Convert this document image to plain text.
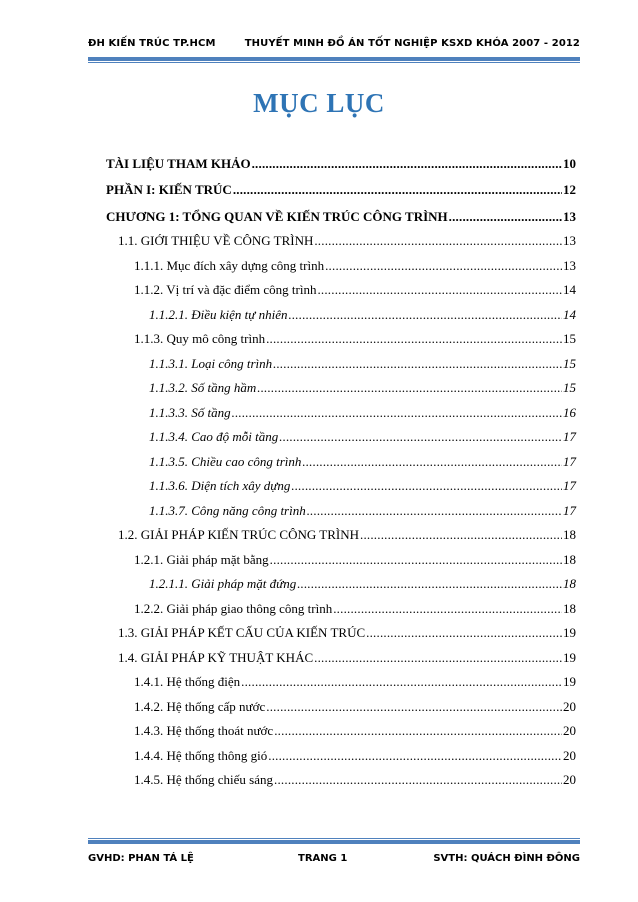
ĐH KIẾN TRÚC TP.HCM	THUYẾT MINH ĐỒ ÁN TỐT NGHIỆP KSXD KHÓA 2007 - 2012
MỤC LỤC
TÀI LIỆU THAM KHẢO .....	10
PHẦN I: KIẾN TRÚC .....	12
CHƯƠNG 1: TỔNG QUAN VỀ KIẾN TRÚC CÔNG TRÌNH .....	13
1.1. GIỚI THIỆU VỀ CÔNG TRÌNH .....	13
1.1.1. Mục đích xây dựng công trình .....	13
1.1.2. Vị trí và đặc điểm công trình .....	14
1.1.2.1. Điều kiện tự nhiên .....	14
1.1.3. Quy mô công trình .....	15
1.1.3.1. Loại công trình .....	15
1.1.3.2. Số tầng hầm .....	15
1.1.3.3. Số tầng .....	16
1.1.3.4. Cao độ mỗi tầng .....	17
1.1.3.5. Chiều cao công trình .....	17
1.1.3.6. Diện tích xây dựng .....	17
1.1.3.7. Công năng công trình .....	17
1.2. GIẢI PHÁP KIẾN TRÚC CÔNG TRÌNH .....	18
1.2.1. Giải pháp mặt bằng .....	18
1.2.1.1. Giải pháp mặt đứng .....	18
1.2.2. Giải pháp giao thông công trình .....	18
1.3. GIẢI PHÁP KẾT CẤU CỦA KIẾN TRÚC .....	19
1.4. GIẢI PHÁP KỸ THUẬT KHÁC .....	19
1.4.1. Hệ thống điện .....	19
1.4.2. Hệ thống cấp nước .....	20
1.4.3. Hệ thống thoát nước .....	20
1.4.4. Hệ thống thông gió .....	20
1.4.5. Hệ thống chiếu sáng .....	20
GVHD: PHAN TÁ LỆ	TRANG 1	SVTH: QUÁCH ĐÌNH ĐÔNG
